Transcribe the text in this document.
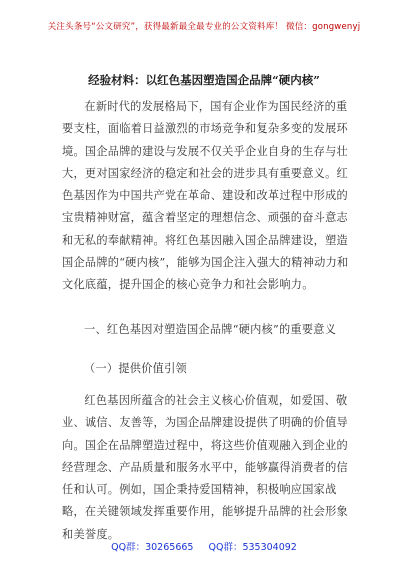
关注头条号“公文研究”，获得最新最全最专业的公文资料库！ 微信：gongwenyj
经验材料：以红色基因塑造国企品牌“硬内核”

在新时代的发展格局下，国有企业作为国民经济的重要支柱，面临着日益激烈的市场竞争和复杂多变的发展环境。国企品牌的建设与发展不仅关乎企业自身的生存与壮大，更对国家经济的稳定和社会的进步具有重要意义。红色基因作为中国共产党在革命、建设和改革过程中形成的宝贵精神财富，蕴含着坚定的理想信念、顽强的奋斗意志和无私的奉献精神。将红色基因融入国企品牌建设，塑造国企品牌的“硬内核”，能够为国企注入强大的精神动力和文化底蕴，提升国企的核心竞争力和社会影响力。

一、红色基因对塑造国企品牌“硬内核”的重要意义

（一）提供价值引领

红色基因所蕴含的社会主义核心价值观，如爱国、敬业、诚信、友善等，为国企品牌建设提供了明确的价值导向。国企在品牌塑造过程中，将这些价值观融入到企业的经营理念、产品质量和服务水平中，能够赢得消费者的信任和认可。例如，国企秉持爱国精神，积极响应国家战略，在关键领域发挥重要作用，能够提升品牌的社会形象和美誉度。

QQ群：30265665 QQ群：535304092
